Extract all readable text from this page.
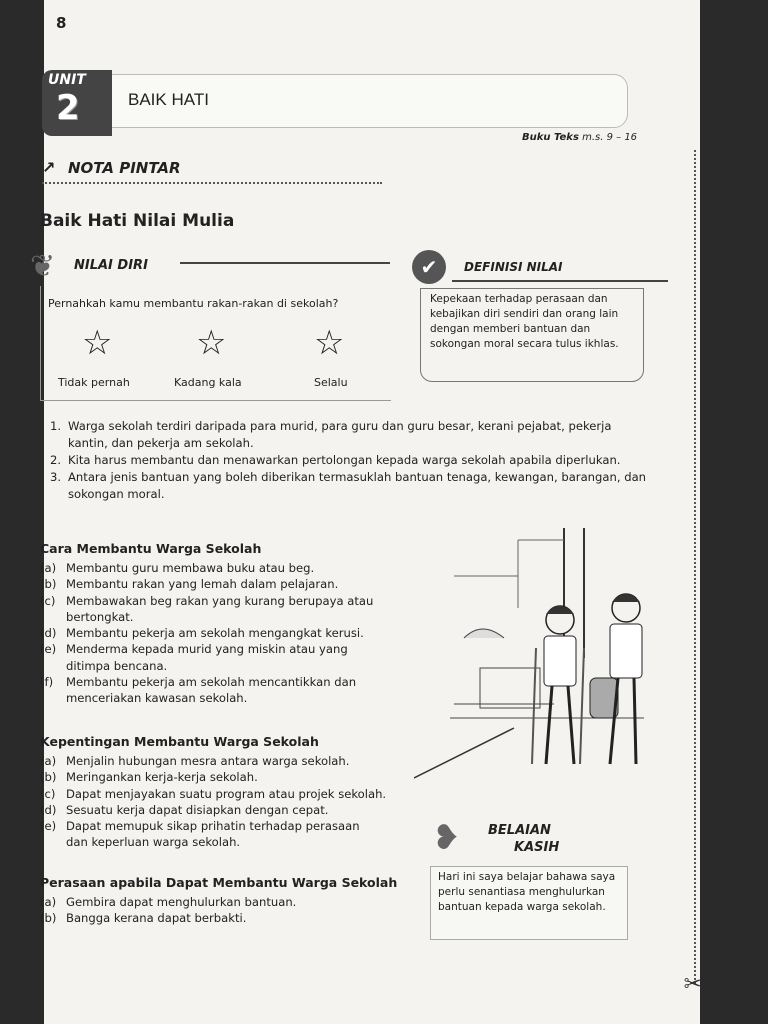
✂
8
UNIT
2	BAIK HATI
Buku Teks m.s. 9 – 16
↗ NOTA PINTAR
Baik Hati Nilai Mulia
❦	NILAI DIRI
Pernahkah kamu membantu rakan-rakan di sekolah?
☆ ☆	☆
Tidak pernah	Kadang kala	Selalu
✔	DEFINISI NILAI
Kepekaan terhadap perasaan dan kebajikan diri sendiri dan orang lain dengan memberi bantuan dan sokongan moral secara tulus ikhlas.
1. Warga sekolah terdiri daripada para murid, para guru dan guru besar, kerani pejabat, pekerja kantin, dan pekerja am sekolah.
2. Kita harus membantu dan menawarkan pertolongan kepada warga sekolah apabila diperlukan.
3. Antara jenis bantuan yang boleh diberikan termasuklah bantuan tenaga, kewangan, barangan, dan sokongan moral.
Cara Membantu Warga Sekolah
(a) Membantu guru membawa buku atau beg.
(b) Membantu rakan yang lemah dalam pelajaran.
(c) Membawakan beg rakan yang kurang berupaya atau
bertongkat.
(d) Membantu pekerja am sekolah mengangkat kerusi.
(e) Menderma kepada murid yang miskin atau yang
ditimpa bencana.
(f)	Membantu pekerja am sekolah mencantikkan dan
menceriakan kawasan sekolah.
Kepentingan Membantu Warga Sekolah
(a) Menjalin hubungan mesra antara warga sekolah.
(b) Meringankan kerja-kerja sekolah.
(c) Dapat menjayakan suatu program atau projek sekolah.
(d) Sesuatu kerja dapat disiapkan dengan cepat.
(e) Dapat memupuk sikap prihatin terhadap perasaan
dan keperluan warga sekolah.
Perasaan apabila Dapat Membantu Warga Sekolah
(a) Gembira dapat menghulurkan bantuan.
(b) Bangga kerana dapat berbakti.
❥ BELAIAN
KASIH
Hari ini saya belajar bahawa saya perlu senantiasa menghulurkan bantuan kepada warga sekolah.
